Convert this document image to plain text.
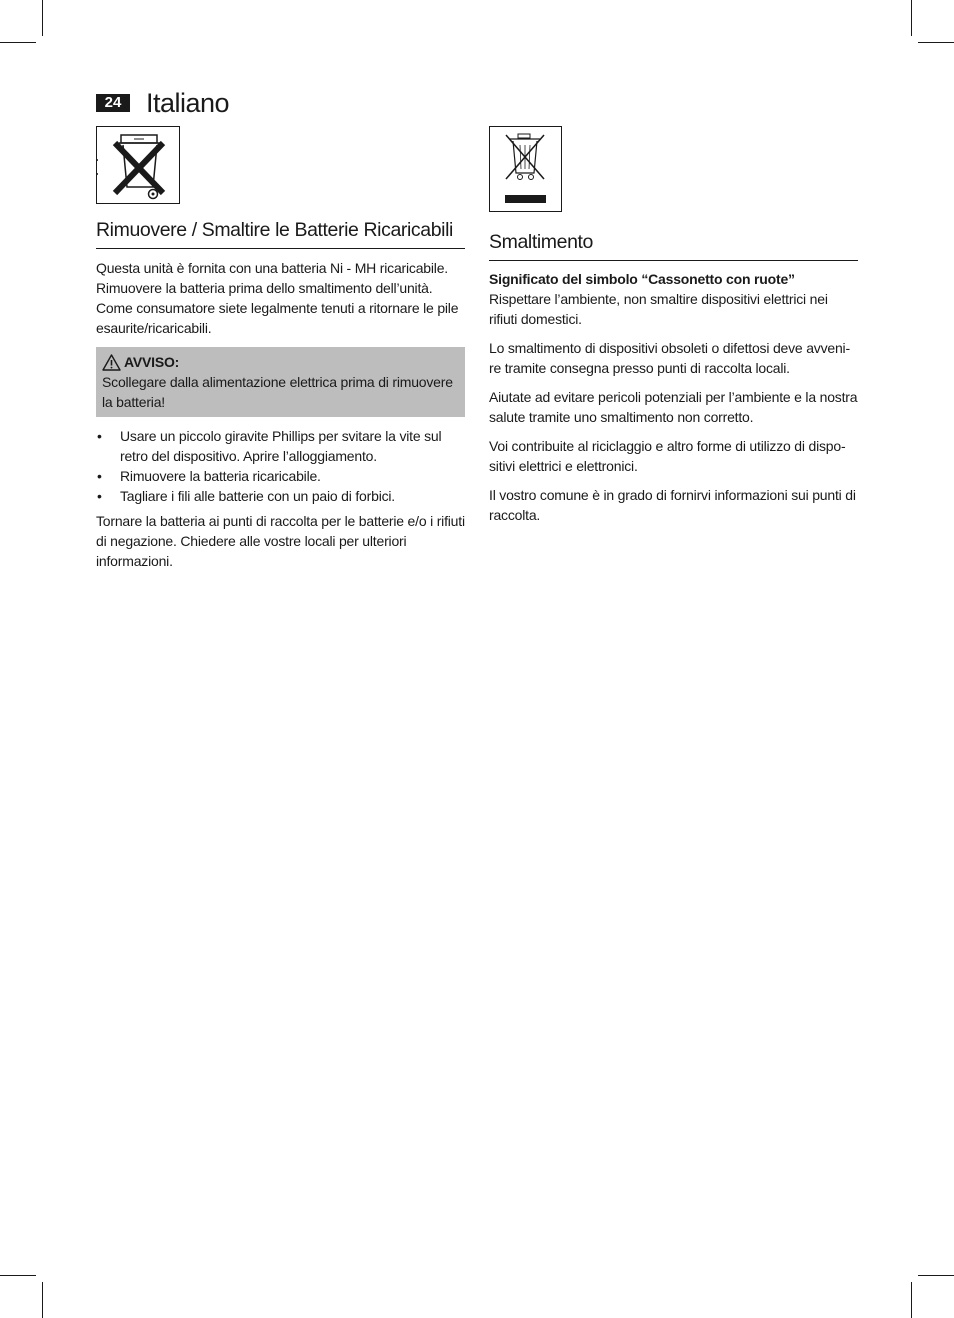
24 Italiano
Rimuovere / Smaltire le Batterie Ricaricabili

Questa unità è fornita con una batteria Ni - MH ricaricabile. Rimuovere la batteria prima dello smaltimento dell’unità. Come consumatore siete legalmente tenuti a ritornare le pile esaurite/ricaricabili.

AVVISO:
Scollegare dalla alimentazione elettrica prima di rimuovere la batteria!
• Usare un piccolo giravite Phillips per svitare la vite sul retro del dispositivo. Aprire l’alloggiamento.
• Rimuovere la batteria ricaricabile.
• Tagliare i fili alle batterie con un paio di forbici.

Tornare la batteria ai punti di raccolta per le batterie e/o i rifiuti di negazione. Chiedere alle vostre locali per ulteriori informazioni.

Smaltimento
Significato del simbolo “Cassonetto con ruote”

Rispettare l’ambiente, non smaltire dispositivi elettrici nei rifiuti domestici.

Lo smaltimento di dispositivi obsoleti o difettosi deve avveni-re tramite consegna presso punti di raccolta locali.

Aiutate ad evitare pericoli potenziali per l’ambiente e la nostra salute tramite uno smaltimento non corretto.

Voi contribuite al riciclaggio e altro forme di utilizzo di dispo-sitivi elettrici e elettronici.

Il vostro comune è in grado di fornirvi informazioni sui punti di raccolta.
